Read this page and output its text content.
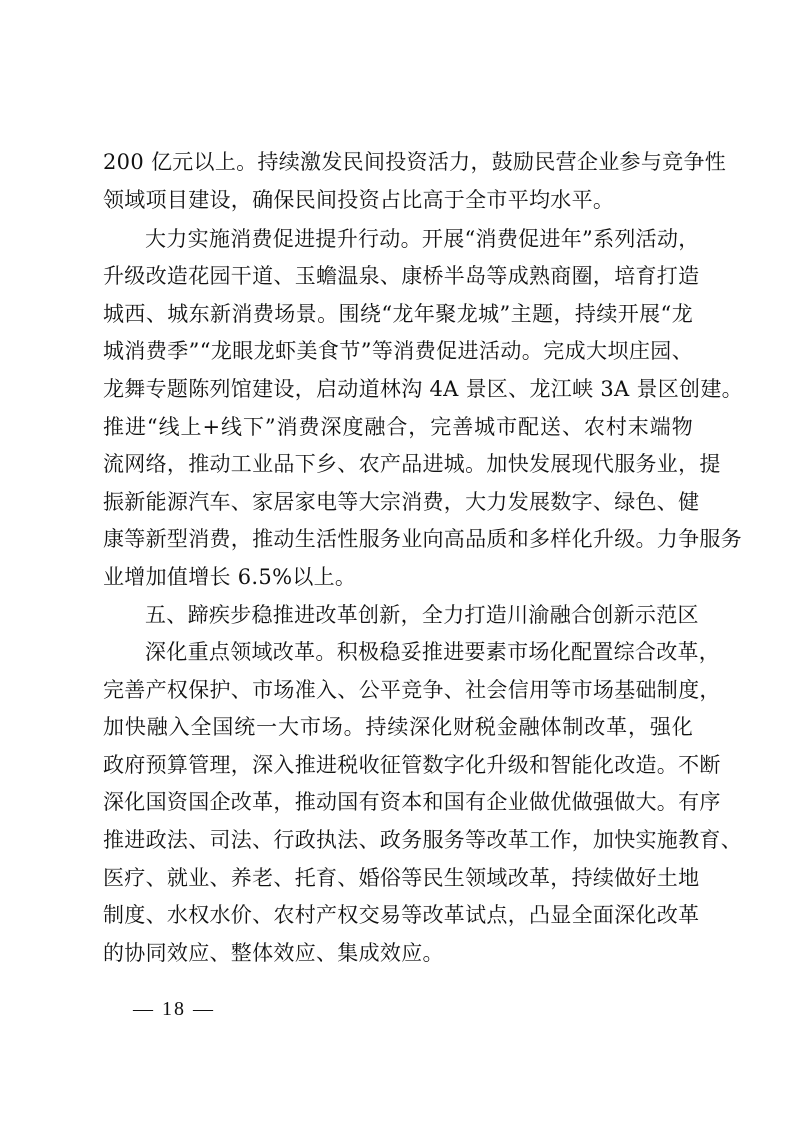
200 亿元以上。持续激发民间投资活力，鼓励民营企业参与竞争性
领域项目建设，确保民间投资占比高于全市平均水平。
大力实施消费促进提升行动。开展“消费促进年”系列活动，
升级改造花园干道、玉蟾温泉、康桥半岛等成熟商圈，培育打造
城西、城东新消费场景。围绕“龙年聚龙城”主题，持续开展“龙
城消费季”“龙眼龙虾美食节”等消费促进活动。完成大坝庄园、
龙舞专题陈列馆建设，启动道林沟 4A 景区、龙江峡 3A 景区创建。
推进“线上+线下”消费深度融合，完善城市配送、农村末端物
流网络，推动工业品下乡、农产品进城。加快发展现代服务业，提
振新能源汽车、家居家电等大宗消费，大力发展数字、绿色、健
康等新型消费，推动生活性服务业向高品质和多样化升级。力争服务
业增加值增长 6.5%以上。
五、蹄疾步稳推进改革创新，全力打造川渝融合创新示范区
深化重点领域改革。积极稳妥推进要素市场化配置综合改革，
完善产权保护、市场准入、公平竞争、社会信用等市场基础制度，
加快融入全国统一大市场。持续深化财税金融体制改革，强化
政府预算管理，深入推进税收征管数字化升级和智能化改造。不断
深化国资国企改革，推动国有资本和国有企业做优做强做大。有序
推进政法、司法、行政执法、政务服务等改革工作，加快实施教育、
医疗、就业、养老、托育、婚俗等民生领域改革，持续做好土地
制度、水权水价、农村产权交易等改革试点，凸显全面深化改革
的协同效应、整体效应、集成效应。
— 18 —
